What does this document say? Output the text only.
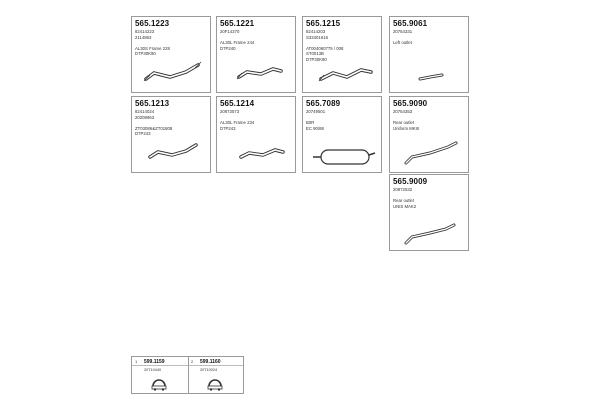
565.1223
82414223
2114863

AL30S Frame 228
D7P30K90
565.1221
20F14370

AL30L Frame 244
D7P240
565.1215
82414203
S33401616

AT004060775 / 008
ST0013B
D7P30K90
565.9061
20754331

Left outlet
565.1213
82414024
20208963

ZT03086&ZT01808
D7P243
565.1214
20873573

AL30L Frame 234
D7P243
565.7089
20749501

B0R
EC 90/88
565.9090
20754353

Rear outlet
Uniform MKIII
565.9009
20872532

Rear outlet
UNIS MAK2
1 599.1159
20T10440
2 599.1160
20T10024
